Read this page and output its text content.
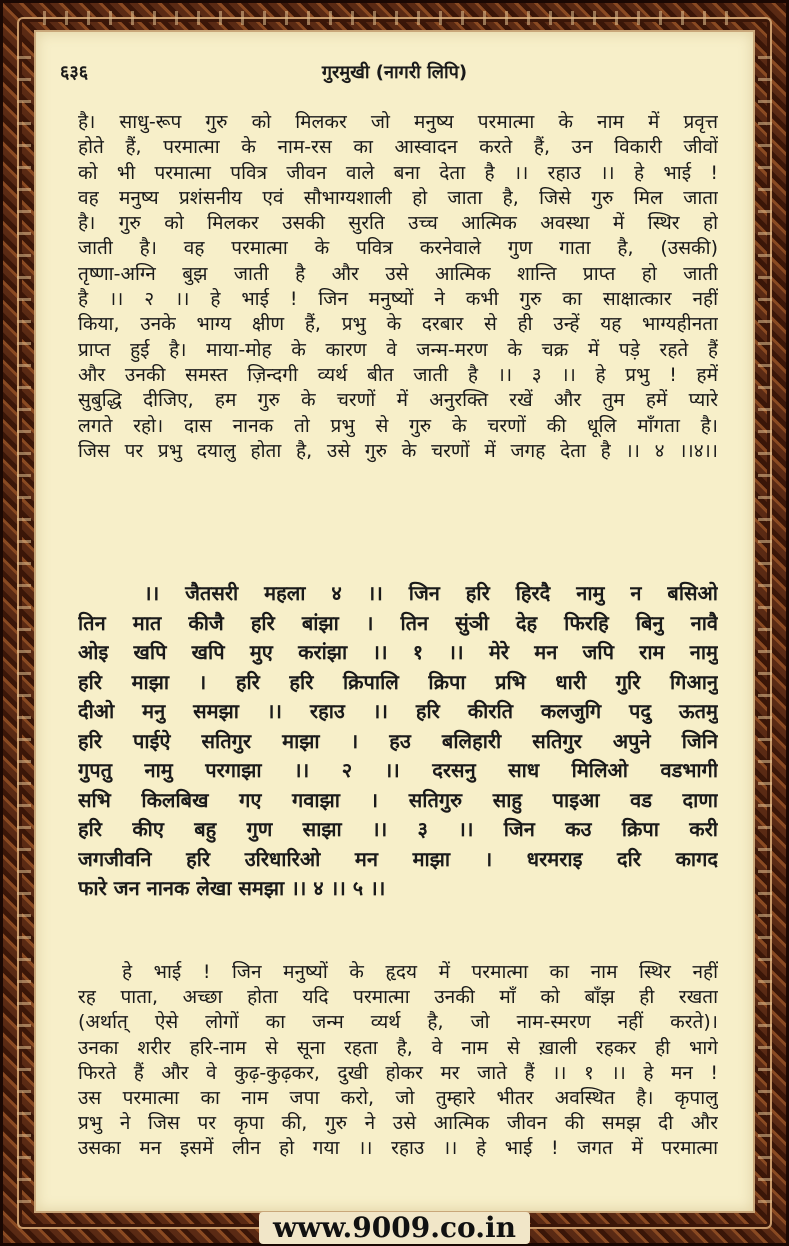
६३६	गुरमुखी (नागरी लिपि)

है। साधु-रूप गुरु को मिलकर जो मनुष्य परमात्मा के नाम में प्रवृत्त

होते हैं, परमात्मा के नाम-रस का आस्वादन करते हैं, उन विकारी जीवों

को भी परमात्मा पवित्र जीवन वाले बना देता है ।। रहाउ ।। हे भाई !

वह मनुष्य प्रशंसनीय एवं सौभाग्यशाली हो जाता है, जिसे गुरु मिल जाता

है। गुरु को मिलकर उसकी सुरति उच्च आत्मिक अवस्था में स्थिर हो

जाती है। वह परमात्मा के पवित्र करनेवाले गुण गाता है, (उसकी)

तृष्णा-अग्नि बुझ जाती है और उसे आत्मिक शान्ति प्राप्त हो जाती

है ।। २ ।। हे भाई ! जिन मनुष्यों ने कभी गुरु का साक्षात्कार नहीं

किया, उनके भाग्य क्षीण हैं, प्रभु के दरबार से ही उन्हें यह भाग्यहीनता

प्राप्त हुई है। माया-मोह के कारण वे जन्म-मरण के चक्र में पड़े रहते हैं

और उनकी समस्त ज़िन्दगी व्यर्थ बीत जाती है ।। ३ ।। हे प्रभु ! हमें

सुबुद्धि दीजिए, हम गुरु के चरणों में अनुरक्ति रखें और तुम हमें प्यारे

लगते रहो। दास नानक तो प्रभु से गुरु के चरणों की धूलि माँगता है।

जिस पर प्रभु दयालु होता है, उसे गुरु के चरणों में जगह देता है ।। ४ ।।४।।

।। जैतसरी महला ४ ।। जिन हरि हिरदै नामु न बसिओ

तिन मात कीजै हरि बांझा । तिन सुंञी देह फिरहि बिनु नावै

ओइ खपि खपि मुए करांझा ।। १ ।। मेरे मन जपि राम नामु

हरि माझा । हरि हरि क्रिपालि क्रिपा प्रभि धारी गुरि गिआनु

दीओ मनु समझा ।। रहाउ ।। हरि कीरति कलजुगि पदु ऊतमु

हरि पाईऐ सतिगुर माझा । हउ बलिहारी सतिगुर अपुने जिनि

गुपतु नामु परगाझा ।। २ ।। दरसनु साध मिलिओ वडभागी

सभि किलबिख गए गवाझा । सतिगुरु साहु पाइआ वड दाणा

हरि कीए बहु गुण साझा ।। ३ ।। जिन कउ क्रिपा करी

जगजीवनि हरि उरिधारिओ मन माझा । धरमराइ दरि कागद

फारे जन नानक लेखा समझा ।। ४ ।। ५ ।।

हे भाई ! जिन मनुष्यों के हृदय में परमात्मा का नाम स्थिर नहीं

रह पाता, अच्छा होता यदि परमात्मा उनकी माँ को बाँझ ही रखता

(अर्थात् ऐसे लोगों का जन्म व्यर्थ है, जो नाम-स्मरण नहीं करते)।

उनका शरीर हरि-नाम से सूना रहता है, वे नाम से ख़ाली रहकर ही भागे

फिरते हैं और वे कुढ़-कुढ़कर, दुखी होकर मर जाते हैं ।। १ ।। हे मन !

उस परमात्मा का नाम जपा करो, जो तुम्हारे भीतर अवस्थित है। कृपालु

प्रभु ने जिस पर कृपा की, गुरु ने उसे आत्मिक जीवन की समझ दी और

उसका मन इसमें लीन हो गया ।। रहाउ ।। हे भाई ! जगत में परमात्मा

www.9009.co.in
